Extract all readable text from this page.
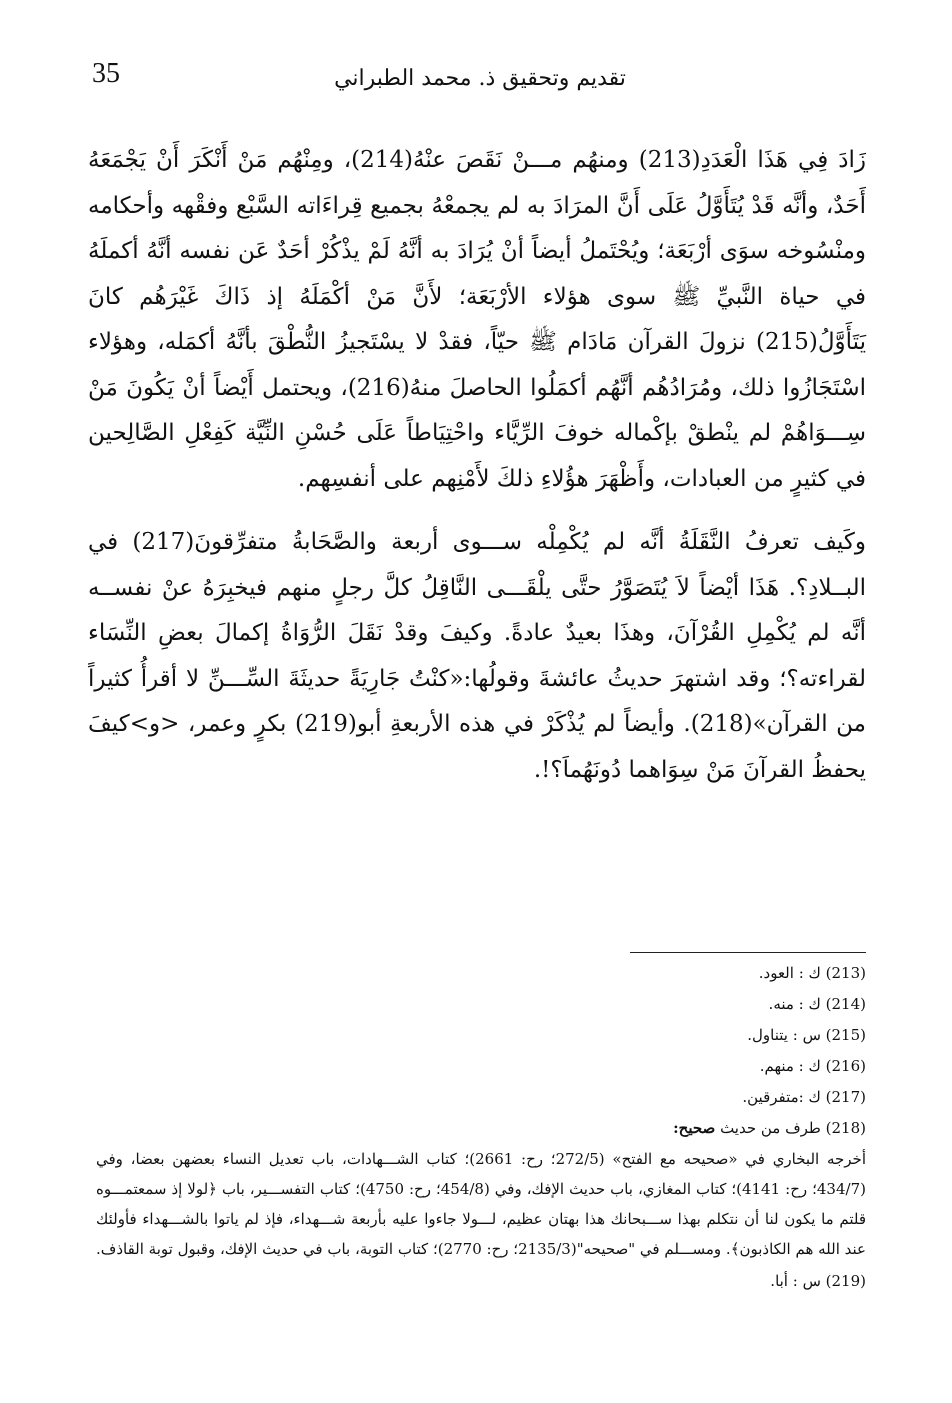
35	تقديم وتحقيق ذ. محمد الطبراني

زَادَ فِي هَذَا الْعَدَدِ(213) ومنهُم مـــنْ نَقَصَ عنْهُ(214)، ومِنْهُم مَنْ أَنْكَرَ أَنْ يَجْمَعَهُ أَحَدٌ، وأنَّه قَدْ يُتَأَوَّلُ عَلَى أَنَّ المرَادَ به لم يجمعْهُ بجميع قِراءَاته السَّبْع وفقْهه وأحكامه ومنْسُوخه سوَى أرْبَعَة؛ ويُحْتَملُ أيضاً أنْ يُرَادَ به أنَّهُ لَمْ يذْكُرْ أحَدٌ عَن نفسه أنَّهُ أكملَهُ في حياة النَّبيِّ ﷺ سوى هؤلاء الأرْبَعَة؛ لأَنَّ مَنْ أكْمَلَهُ إذ ذَاكَ غَيْرَهُم كانَ يَتَأَوَّلُ(215) نزولَ القرآن مَادَام ﷺ حيّاً، فقدْ لا يسْتَجيزُ النُّطْقَ بأنَّهُ أكمَله، وهؤلاء اسْتَجَازُوا ذلك، ومُرَادُهُم أنَّهُم أكمَلُوا الحاصلَ منهُ(216)، ويحتمل أَيْضاً أنْ يَكُونَ مَنْ سِـــوَاهُمْ لم ينْطقْ بإكْماله خوفَ الرِّيَّاء واحْتِيَاطاً عَلَى حُسْنِ النِّيَّة كَفِعْلِ الصَّالِحين في كثيرٍ من العبادات، وأَظْهَرَ هؤُلاءِ ذلكَ لأَمْنِهم على أنفسِهم.

وكَيف تعرفُ النَّقَلَةُ أنَّه لم يُكْمِلْه ســـوى أربعة والصَّحَابةُ متفرِّقونَ(217) في البــلادِ؟. هَذَا أيْضاً لاَ يُتَصَوَّرُ حتَّى يلْقَـــى النَّاقِلُ كلَّ رجلٍ منهم فيخبِرَهُ عنْ نفســه أنَّه لم يُكْمِلِ القُرْآنَ، وهذَا بعيدٌ عادةً. وكيفَ وقدْ نَقَلَ الرُّوَاةُ إكمالَ بعضِ النِّسَاء لقراءته؟؛ وقد اشتهرَ حديثُ عائشةَ وقولُها:«كنْتُ جَارِيَةً حديثَةَ السِّـــنِّ لا أقرأُ كثيراً من القرآن»(218). وأيضاً لم يُذْكَرْ في هذه الأربعةِ أبو(219) بكرٍ وعمر، <و>كيفَ يحفظُ القرآنَ مَنْ سِوَاهما دُونَهُماَ؟!.

(213) ك : العود.

(214) ك : منه.

(215) س : يتناول.

(216) ك : منهم.

(217) ك :متفرقين.

(218) طرف من حديث صحيح:

أخرجه البخاري في «صحيحه مع الفتح» (272/5؛ رح: 2661)؛ كتاب الشـــهادات، باب تعديل النساء بعضهن بعضا، وفي (434/7؛ رح: 4141)؛ كتاب المغازي، باب حديث الإفك، وفي (454/8؛ رح: 4750)؛ كتاب التفســـير، باب ﴿لولا إذ سمعتمـــوه قلتم ما يكون لنا أن نتكلم بهذا ســـبحانك هذا بهتان عظيم، لـــولا جاءوا عليه بأربعة شـــهداء، فإذ لم ياتوا بالشـــهداء فأولئك عند الله هم الكاذبون﴾. ومســـلم في "صحيحه"(2135/3؛ رح: 2770)؛ كتاب التوبة، باب في حديث الإفك، وقبول توبة القاذف.

(219) س : أبا.
